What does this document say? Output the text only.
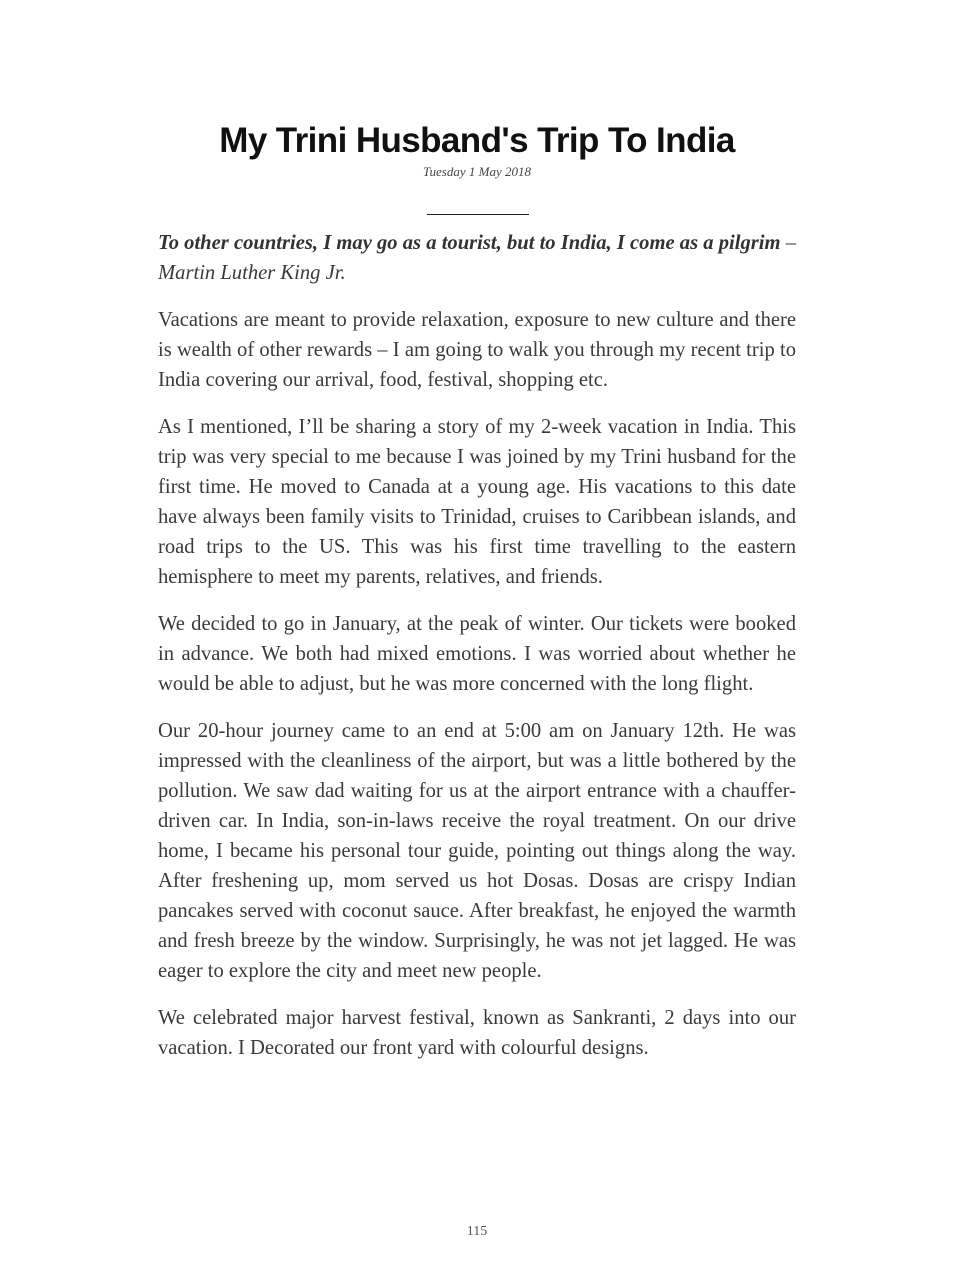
My Trini Husband's Trip To India
Tuesday 1 May 2018

To other countries, I may go as a tourist, but to India, I come as a pilgrim – Martin Luther King Jr.

Vacations are meant to provide relaxation, exposure to new culture and there is wealth of other rewards – I am going to walk you through my recent trip to India covering our arrival, food, festival, shopping etc.

As I mentioned, I’ll be sharing a story of my 2-week vacation in India. This trip was very special to me because I was joined by my Trini husband for the first time. He moved to Canada at a young age. His vacations to this date have always been family visits to Trinidad, cruises to Caribbean islands, and road trips to the US. This was his first time travelling to the eastern hemisphere to meet my parents, relatives, and friends.

We decided to go in January, at the peak of winter. Our tickets were booked in advance. We both had mixed emotions. I was worried about whether he would be able to adjust, but he was more concerned with the long flight.

Our 20-hour journey came to an end at 5:00 am on January 12th. He was impressed with the cleanliness of the airport, but was a little bothered by the pollution. We saw dad waiting for us at the airport entrance with a chauffer-driven car. In India, son-in-laws receive the royal treatment. On our drive home, I became his personal tour guide, pointing out things along the way. After freshening up, mom served us hot Dosas. Dosas are crispy Indian pancakes served with coconut sauce. After breakfast, he enjoyed the warmth and fresh breeze by the window. Surprisingly, he was not jet lagged. He was eager to explore the city and meet new people.

We celebrated major harvest festival, known as Sankranti, 2 days into our vacation. I Decorated our front yard with colourful designs.

115
